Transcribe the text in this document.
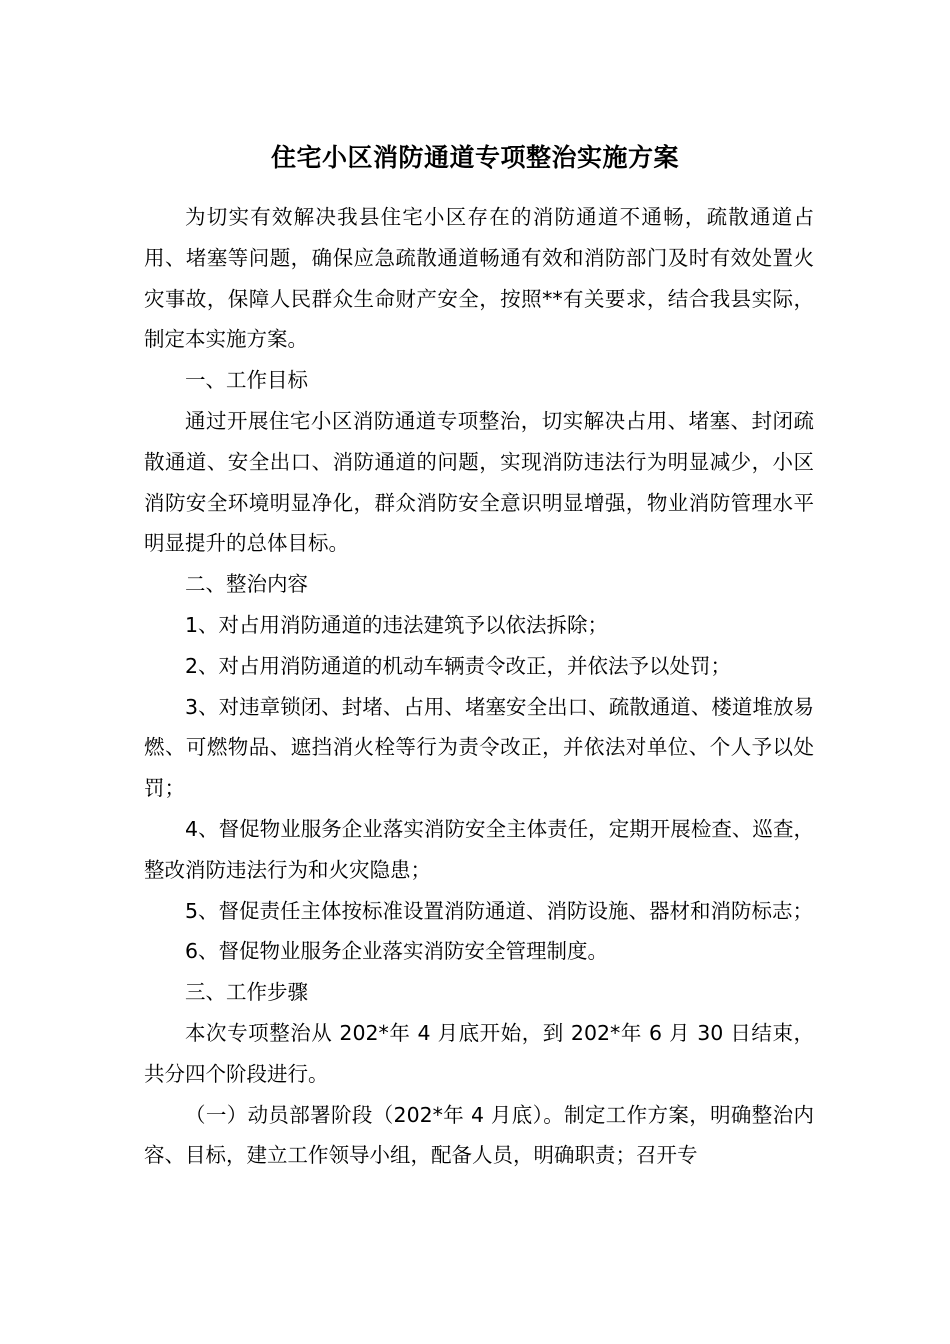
住宅小区消防通道专项整治实施方案

为切实有效解决我县住宅小区存在的消防通道不通畅，疏散通道占用、堵塞等问题，确保应急疏散通道畅通有效和消防部门及时有效处置火灾事故，保障人民群众生命财产安全，按照**有关要求，结合我县实际，制定本实施方案。

一、工作目标

通过开展住宅小区消防通道专项整治，切实解决占用、堵塞、封闭疏散通道、安全出口、消防通道的问题，实现消防违法行为明显减少，小区消防安全环境明显净化，群众消防安全意识明显增强，物业消防管理水平明显提升的总体目标。

二、整治内容

1、对占用消防通道的违法建筑予以依法拆除；

2、对占用消防通道的机动车辆责令改正，并依法予以处罚；

3、对违章锁闭、封堵、占用、堵塞安全出口、疏散通道、楼道堆放易燃、可燃物品、遮挡消火栓等行为责令改正，并依法对单位、个人予以处罚；

4、督促物业服务企业落实消防安全主体责任，定期开展检查、巡查，整改消防违法行为和火灾隐患；

5、督促责任主体按标准设置消防通道、消防设施、器材和消防标志；

6、督促物业服务企业落实消防安全管理制度。

三、工作步骤

本次专项整治从 202*年 4 月底开始，到 202*年 6 月 30 日结束，共分四个阶段进行。

（一）动员部署阶段（202*年 4 月底）。制定工作方案，明确整治内容、目标，建立工作领导小组，配备人员，明确职责；召开专
